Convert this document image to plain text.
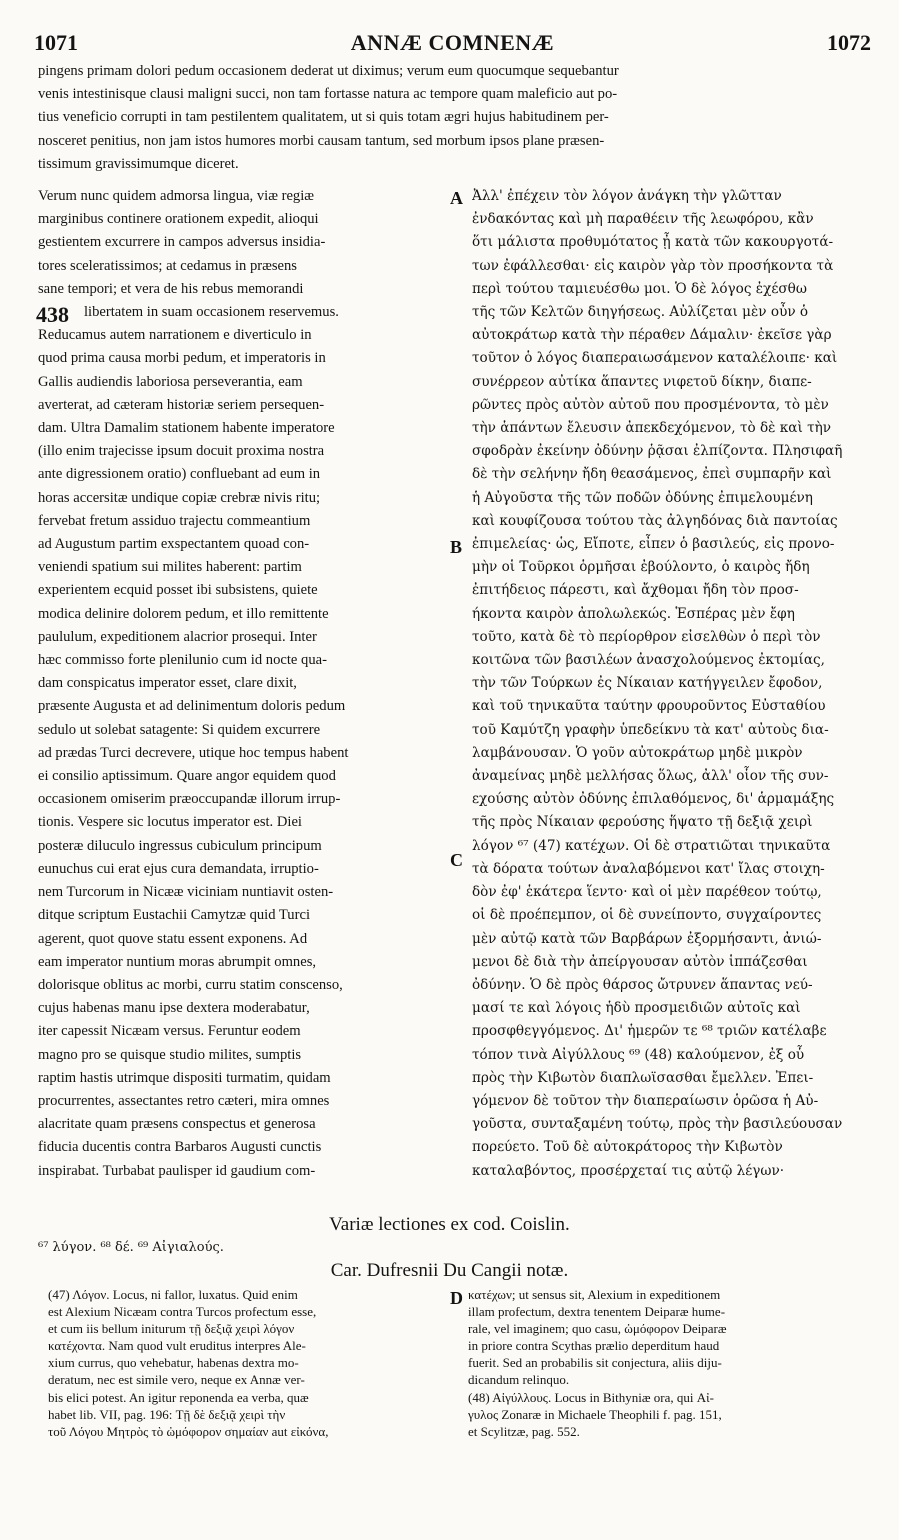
1071	ANNÆ COMNENÆ	1072
pingens primam dolori pedum occasionem dederat ut diximus; verum eum quocumque sequebantur
venis intestinisque clausi maligni succi, non tam fortasse natura ac tempore quam maleficio aut po-
tius veneficio corrupti in tam pestilentem qualitatem, ut si quis totam ægri hujus habitudinem per-
nosceret penitius, non jam istos humores morbi causam tantum, sed morbum ipsos plane præsen-
tissimum gravissimumque diceret.
A
B
C
D
Verum nunc quidem admorsa lingua, viæ regiæ
marginibus continere orationem expedit, alioqui
gestientem excurrere in campos adversus insidia-
tores sceleratissimos; at cedamus in præsens
sane tempori; et vera de his rebus memorandi
libertatem in suam occasionem reservemus.
Reducamus autem narrationem e diverticulo in
quod prima causa morbi pedum, et imperatoris in
Gallis audiendis laboriosa perseverantia, eam
averterat, ad cæteram historiæ seriem persequen-
dam. Ultra Damalim stationem habente imperatore
(illo enim trajecisse ipsum docuit proxima nostra
ante digressionem oratio) confluebant ad eum in
horas accersitæ undique copiæ crebræ nivis ritu;
fervebat fretum assiduo trajectu commeantium
ad Augustum partim exspectantem quoad con-
veniendi spatium sui milites haberent: partim
experientem ecquid posset ibi subsistens, quiete
modica delinire dolorem pedum, et illo remittente
paululum, expeditionem alacrior prosequi. Inter
hæc commisso forte plenilunio cum id nocte qua-
dam conspicatus imperator esset, clare dixit,
præsente Augusta et ad delinimentum doloris pedum
sedulo ut solebat satagente: Si quidem excurrere
ad prædas Turci decrevere, utique hoc tempus habent
ei consilio aptissimum. Quare angor equidem quod
occasionem omiserim præoccupandæ illorum irrup-
tionis. Vespere sic locutus imperator est. Diei
posteræ diluculo ingressus cubiculum principum
eunuchus cui erat ejus cura demandata, irruptio-
nem Turcorum in Nicææ viciniam nuntiavit osten-
ditque scriptum Eustachii Camytzæ quid Turci
agerent, quot quove statu essent exponens. Ad
eam imperator nuntium moras abrumpit omnes,
dolorisque oblitus ac morbi, curru statim conscenso,
cujus habenas manu ipse dextera moderabatur,
iter capessit Nicæam versus. Feruntur eodem
magno pro se quisque studio milites, sumptis
raptim hastis utrimque dispositi turmatim, quidam
procurrentes, assectantes retro cæteri, mira omnes
alacritate quam præsens conspectus et generosa
fiducia ducentis contra Barbaros Augusti cunctis
inspirabat. Turbabat paulisper id gaudium com-
Ἀλλ' ἐπέχειν τὸν λόγον ἀνάγκη τὴν γλῶτταν
ἐνδακόντας καὶ μὴ παραθέειν τῆς λεωφόρου, κἂν
ὅτι μάλιστα προθυμότατος ᾖ κατὰ τῶν κακουργοτά-
των ἐφάλλεσθαι· εἰς καιρὸν γὰρ τὸν προσήκοντα τὰ
περὶ τούτου ταμιευέσθω μοι. Ὁ δὲ λόγος ἐχέσθω
τῆς τῶν Κελτῶν διηγήσεως. Αὐλίζεται μὲν οὖν ὁ
αὐτοκράτωρ κατὰ τὴν πέραθεν Δάμαλιν· ἐκεῖσε γὰρ
τοῦτον ὁ λόγος διαπεραιωσάμενον καταλέλοιπε· καὶ
συνέρρεον αὐτίκα ἅπαντες νιφετοῦ δίκην, διαπε-
ρῶντες πρὸς αὐτὸν αὐτοῦ που προσμένοντα, τὸ μὲν
τὴν ἁπάντων ἔλευσιν ἀπεκδεχόμενον, τὸ δὲ καὶ τὴν
σφοδρὰν ἐκείνην ὀδύνην ῥᾷσαι ἐλπίζοντα. Πλησιφαῆ
δὲ τὴν σελήνην ἤδη θεασάμενος, ἐπεὶ συμπαρῆν καὶ
ἡ Αὐγοῦστα τῆς τῶν ποδῶν ὀδύνης ἐπιμελουμένη
καὶ κουφίζουσα τούτου τὰς ἀλγηδόνας διὰ παντοίας
ἐπιμελείας· ὡς, Εἴποτε, εἶπεν ὁ βασιλεύς, εἰς προνο-
μὴν οἱ Τοῦρκοι ὁρμῆσαι ἐβούλοντο, ὁ καιρὸς ἤδη
ἐπιτήδειος πάρεστι, καὶ ἄχθομαι ἤδη τὸν προσ-
ήκοντα καιρὸν ἀπολωλεκώς. Ἑσπέρας μὲν ἔφη
τοῦτο, κατὰ δὲ τὸ περίορθρον εἰσελθὼν ὁ περὶ τὸν
κοιτῶνα τῶν βασιλέων ἀνασχολούμενος ἐκτομίας,
τὴν τῶν Τούρκων ἐς Νίκαιαν κατήγγειλεν ἔφοδον,
καὶ τοῦ τηνικαῦτα ταύτην φρουροῦντος Εὐσταθίου
τοῦ Καμύτζη γραφὴν ὑπεδείκνυ τὰ κατ' αὐτοὺς δια-
λαμβάνουσαν. Ὁ γοῦν αὐτοκράτωρ μηδὲ μικρὸν
ἀναμείνας μηδὲ μελλήσας ὅλως, ἀλλ' οἷον τῆς συν-
εχούσης αὐτὸν ὀδύνης ἐπιλαθόμενος, δι' ἁρμαμάξης
τῆς πρὸς Νίκαιαν φερούσης ἥψατο τῇ δεξιᾷ χειρὶ
λόγον ⁶⁷ (47) κατέχων. Οἱ δὲ στρατιῶται τηνικαῦτα
τὰ δόρατα τούτων ἀναλαβόμενοι κατ' ἴλας στοιχη-
δὸν ἐφ' ἑκάτερα ἵεντο· καὶ οἱ μὲν παρέθεον τούτῳ,
οἱ δὲ προέπεμπον, οἱ δὲ συνείποντο, συγχαίροντες
μὲν αὐτῷ κατὰ τῶν Βαρβάρων ἐξορμήσαντι, ἀνιώ-
μενοι δὲ διὰ τὴν ἀπείργουσαν αὐτὸν ἱππάζεσθαι
ὀδύνην. Ὁ δὲ πρὸς θάρσος ὤτρυνεν ἅπαντας νεύ-
μασί τε καὶ λόγοις ἡδὺ προσμειδιῶν αὐτοῖς καὶ
προσφθεγγόμενος. Δι' ἡμερῶν τε ⁶⁸ τριῶν κατέλαβε
τόπον τινὰ Αἰγύλλους ⁶⁹ (48) καλούμενον, ἐξ οὗ
πρὸς τὴν Κιβωτὸν διαπλωϊσασθαι ἔμελλεν. Ἐπει-
γόμενον δὲ τοῦτον τὴν διαπεραίωσιν ὁρῶσα ἡ Αὐ-
γοῦστα, συνταξαμένη τούτῳ, πρὸς τὴν βασιλεύουσαν
πορεύετο. Τοῦ δὲ αὐτοκράτορος τὴν Κιβωτὸν
καταλαβόντος, προσέρχεταί τις αὐτῷ λέγων·
Variæ lectiones ex cod. Coislin.
⁶⁷ λύγον. ⁶⁸ δέ. ⁶⁹ Αἰγιαλούς.
Car. Dufresnii Du Cangii notæ.
(47) Λόγον. Locus, ni fallor, luxatus. Quid enim
est Alexium Nicæam contra Turcos profectum esse,
et cum iis bellum initurum τῇ δεξιᾷ χειρὶ λόγον
κατέχοντα. Nam quod vult eruditus interpres Ale-
xium currus, quo vehebatur, habenas dextra mo-
deratum, nec est simile vero, neque ex Annæ ver-
bis elici potest. An igitur reponenda ea verba, quæ
habet lib. VII, pag. 196: Τῇ δὲ δεξιᾷ χειρὶ τὴν
τοῦ Λόγου Μητρὸς τὸ ὠμόφορον σημαίαν aut εἰκόνα,
κατέχων; ut sensus sit, Alexium in expeditionem
illam profectum, dextra tenentem Deiparæ hume-
rale, vel imaginem; quo casu, ὠμόφορον Deiparæ
in priore contra Scythas prælio deperditum haud
fuerit. Sed an probabilis sit conjectura, aliis diju-
dicandum relinquo.
(48) Αἰγύλλους. Locus in Bithyniæ ora, qui Αἰ-
γυλος Zonaræ in Michaele Theophili f. pag. 151,
et Scylitzæ, pag. 552.
438
